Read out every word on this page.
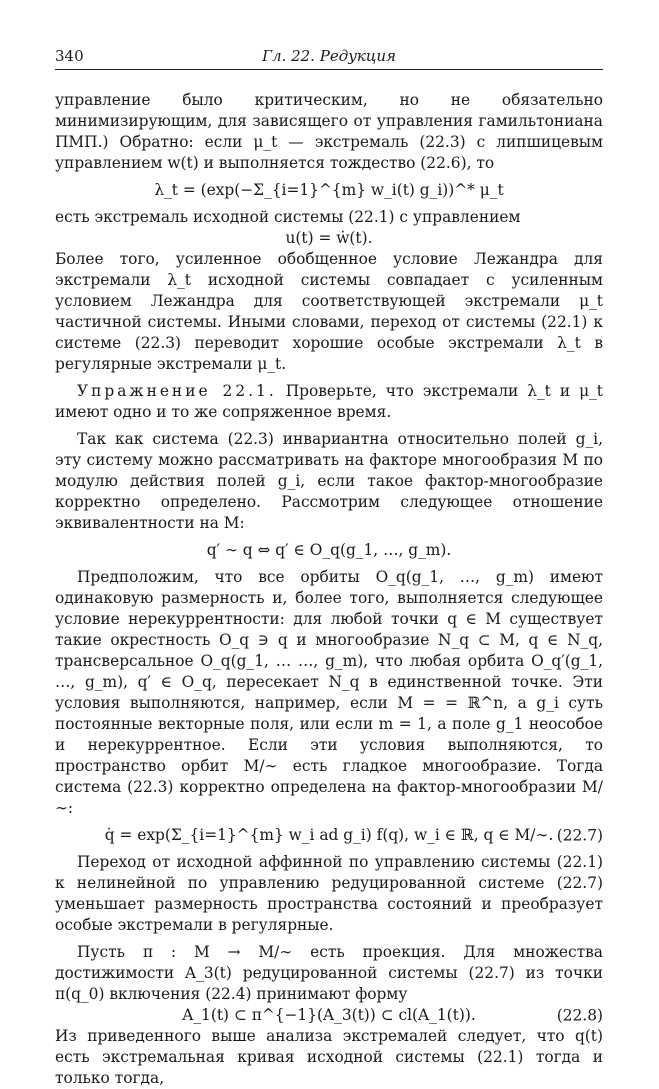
340	Гл. 22. Редукция

управление было критическим, но не обязательно минимизирующим, для зависящего от управления гамильтониана ПМП.) Обратно: если μ_t — экстремаль (22.3) с липшицевым управлением w(t) и выполняется тождество (22.6), то

λ_t = (exp(−Σ_{i=1}^{m} w_i(t) g_i))^* μ_t

есть экстремаль исходной системы (22.1) с управлением

u(t) = ẇ(t).

Более того, усиленное обобщенное условие Лежандра для экстремали λ_t исходной системы совпадает с усиленным условием Лежандра для соответствующей экстремали μ_t частичной системы. Иными словами, переход от системы (22.1) к системе (22.3) переводит хорошие особые экстремали λ_t в регулярные экстремали μ_t.

Упражнение 22.1. Проверьте, что экстремали λ_t и μ_t имеют одно и то же сопряженное время.

Так как система (22.3) инвариантна относительно полей g_i, эту систему можно рассматривать на факторе многообразия M по модулю действия полей g_i, если такое фактор-многообразие корректно определено. Рассмотрим следующее отношение эквивалентности на M:

q′ ∼ q ⇔ q′ ∈ O_q(g_1, …, g_m).

Предположим, что все орбиты O_q(g_1, …, g_m) имеют одинаковую размерность и, более того, выполняется следующее условие нерекуррентности: для любой точки q ∈ M существует такие окрестность O_q ∋ q и многообразие N_q ⊂ M, q ∈ N_q, трансверсальное O_q(g_1, … …, g_m), что любая орбита O_q′(g_1, …, g_m), q′ ∈ O_q, пересекает N_q в единственной точке. Эти условия выполняются, например, если M = = ℝ^n, а g_i суть постоянные векторные поля, или если m = 1, а поле g_1 неособое и нерекуррентное. Если эти условия выполняются, то пространство орбит M/∼ есть гладкое многообразие. Тогда система (22.3) корректно определена на фактор-многообразии M/∼:

q̇ = exp(Σ_{i=1}^{m} w_i ad g_i) f(q), w_i ∈ ℝ, q ∈ M/∼. (22.7)

Переход от исходной аффинной по управлению системы (22.1) к нелинейной по управлению редуцированной системе (22.7) уменьшает размерность пространства состояний и преобразует особые экстремали в регулярные.

Пусть π : M → M/∼ есть проекция. Для множества достижимости A_3(t) редуцированной системы (22.7) из точки π(q_0) включения (22.4) принимают форму

A_1(t) ⊂ π^{−1}(A_3(t)) ⊂ cl(A_1(t)).	(22.8)

Из приведенного выше анализа экстремалей следует, что q(t) есть экстремальная кривая исходной системы (22.1) тогда и только тогда,
